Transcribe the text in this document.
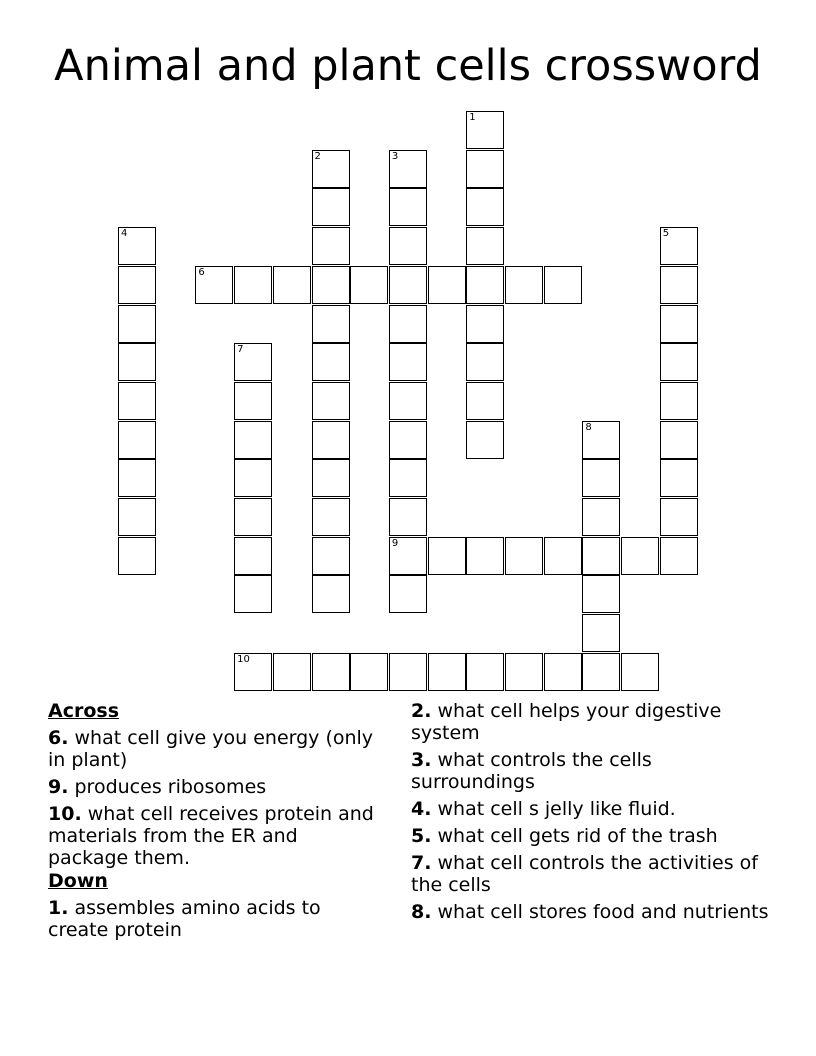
Animal and plant cells crossword
1
2	3
9
4	5
6
7
8
10
Across
6. what cell give you energy (only in plant)
9. produces ribosomes
10. what cell receives protein and materials from the ER and package them.
Down
1. assembles amino acids to create protein
2. what cell helps your digestive system
3. what controls the cells surroundings
4. what cell s jelly like fluid.
5. what cell gets rid of the trash
7. what cell controls the activities of the cells
8. what cell stores food and nutrients
